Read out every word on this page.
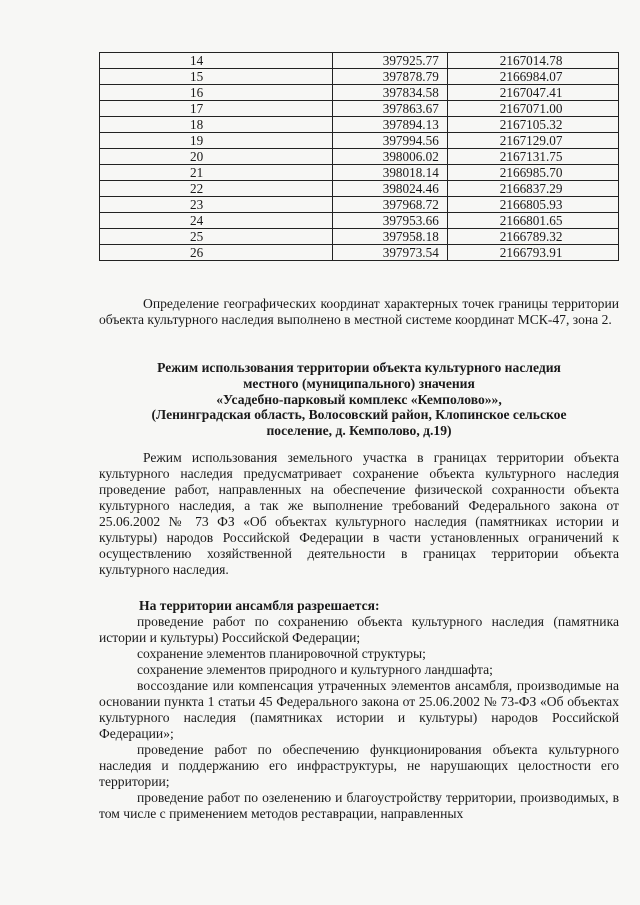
14	397925.77	2167014.78
15	397878.79	2166984.07
16	397834.58	2167047.41
17	397863.67	2167071.00
18	397894.13	2167105.32
19	397994.56	2167129.07
20	398006.02	2167131.75
21	398018.14	2166985.70
22	398024.46	2166837.29
23	397968.72	2166805.93
24	397953.66	2166801.65
25	397958.18	2166789.32
26	397973.54	2166793.91
Определение географических координат характерных точек границы территории объекта культурного наследия выполнено в местной системе координат МСК-47, зона 2.
Режим использования территории объекта культурного наследия
местного (муниципального) значения
«Усадебно-парковый комплекс «Кемполово»»,
(Ленинградская область, Волосовский район, Клопинское сельское
поселение, д. Кемполово, д.19)
Режим использования земельного участка в границах территории объекта культурного наследия предусматривает сохранение объекта культурного наследия проведение работ, направленных на обеспечение физической сохранности объекта культурного наследия, а так же выполнение требований Федерального закона от 25.06.2002 № 73 ФЗ «Об объектах культурного наследия (памятниках истории и культуры) народов Российской Федерации в части установленных ограничений к осуществлению хозяйственной деятельности в границах территории объекта культурного наследия.
На территории ансамбля разрешается:
проведение работ по сохранению объекта культурного наследия (памятника истории и культуры) Российской Федерации;
сохранение элементов планировочной структуры;
сохранение элементов природного и культурного ландшафта;
воссоздание или компенсация утраченных элементов ансамбля, производимые на основании пункта 1 статьи 45 Федерального закона от 25.06.2002 № 73-ФЗ «Об объектах культурного наследия (памятниках истории и культуры) народов Российской Федерации»;
проведение работ по обеспечению функционирования объекта культурного наследия и поддержанию его инфраструктуры, не нарушающих целостности его территории;
проведение работ по озеленению и благоустройству территории, производимых, в том числе с применением методов реставрации, направленных
